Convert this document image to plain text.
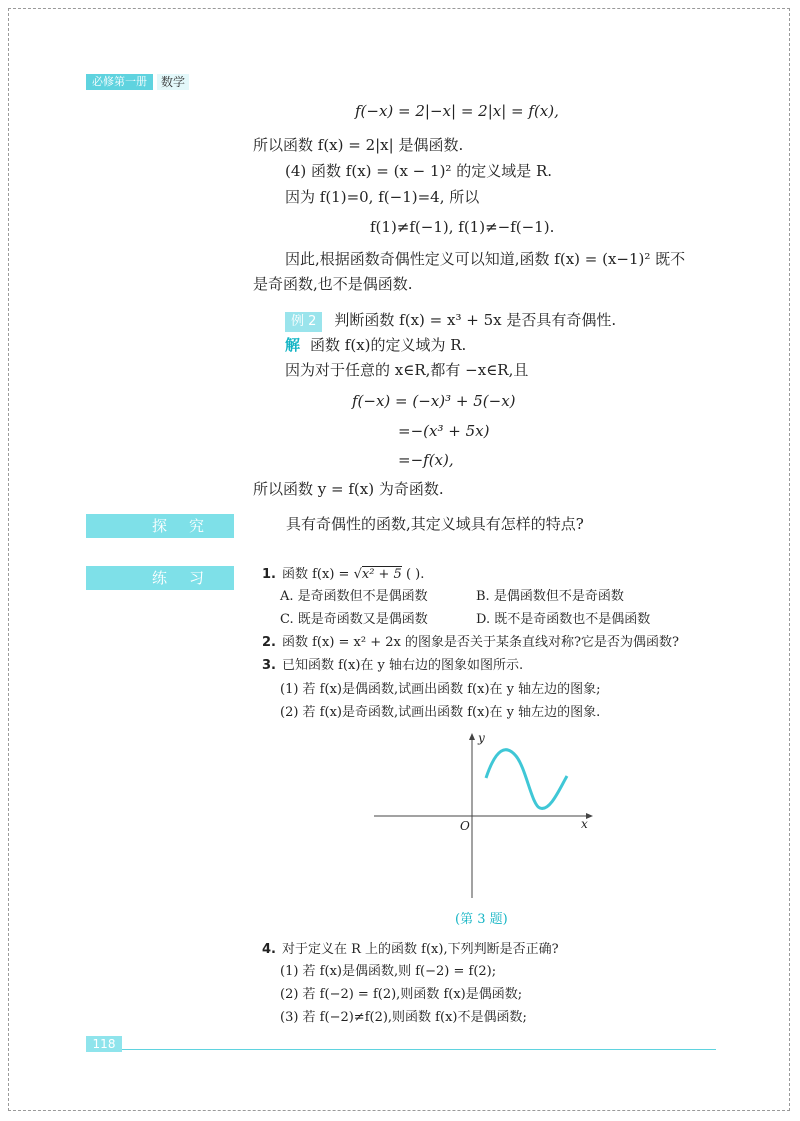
必修第一册	数学
f(−x) = 2|−x| = 2|x| = f(x),
所以函数 f(x) = 2|x| 是偶函数.
(4) 函数 f(x) = (x − 1)² 的定义域是 R.
因为 f(1)=0, f(−1)=4, 所以
f(1)≠f(−1), f(1)≠−f(−1).
因此,根据函数奇偶性定义可以知道,函数 f(x) = (x−1)² 既不
是奇函数,也不是偶函数.
例 2 判断函数 f(x) = x³ + 5x 是否具有奇偶性.
解 函数 f(x)的定义域为 R.
因为对于任意的 x∈R,都有 −x∈R,且
f(−x) = (−x)³ + 5(−x)
=−(x³ + 5x)
=−f(x),
所以函数 y = f(x) 为奇函数.
探究	具有奇偶性的函数,其定义域具有怎样的特点?
练习	1. 函数 f(x) = √x² + 5 ( ).
A. 是奇函数但不是偶函数	B. 是偶函数但不是奇函数
C. 既是奇函数又是偶函数	D. 既不是奇函数也不是偶函数
2. 函数 f(x) = x² + 2x 的图象是否关于某条直线对称?它是否为偶函数?
3. 已知函数 f(x)在 y 轴右边的图象如图所示.
(1) 若 f(x)是偶函数,试画出函数 f(x)在 y 轴左边的图象;
(2) 若 f(x)是奇函数,试画出函数 f(x)在 y 轴左边的图象.
y
x
O
(第 3 题)
4. 对于定义在 R 上的函数 f(x),下列判断是否正确?
(1) 若 f(x)是偶函数,则 f(−2) = f(2);
(2) 若 f(−2) = f(2),则函数 f(x)是偶函数;
(3) 若 f(−2)≠f(2),则函数 f(x)不是偶函数;
118
